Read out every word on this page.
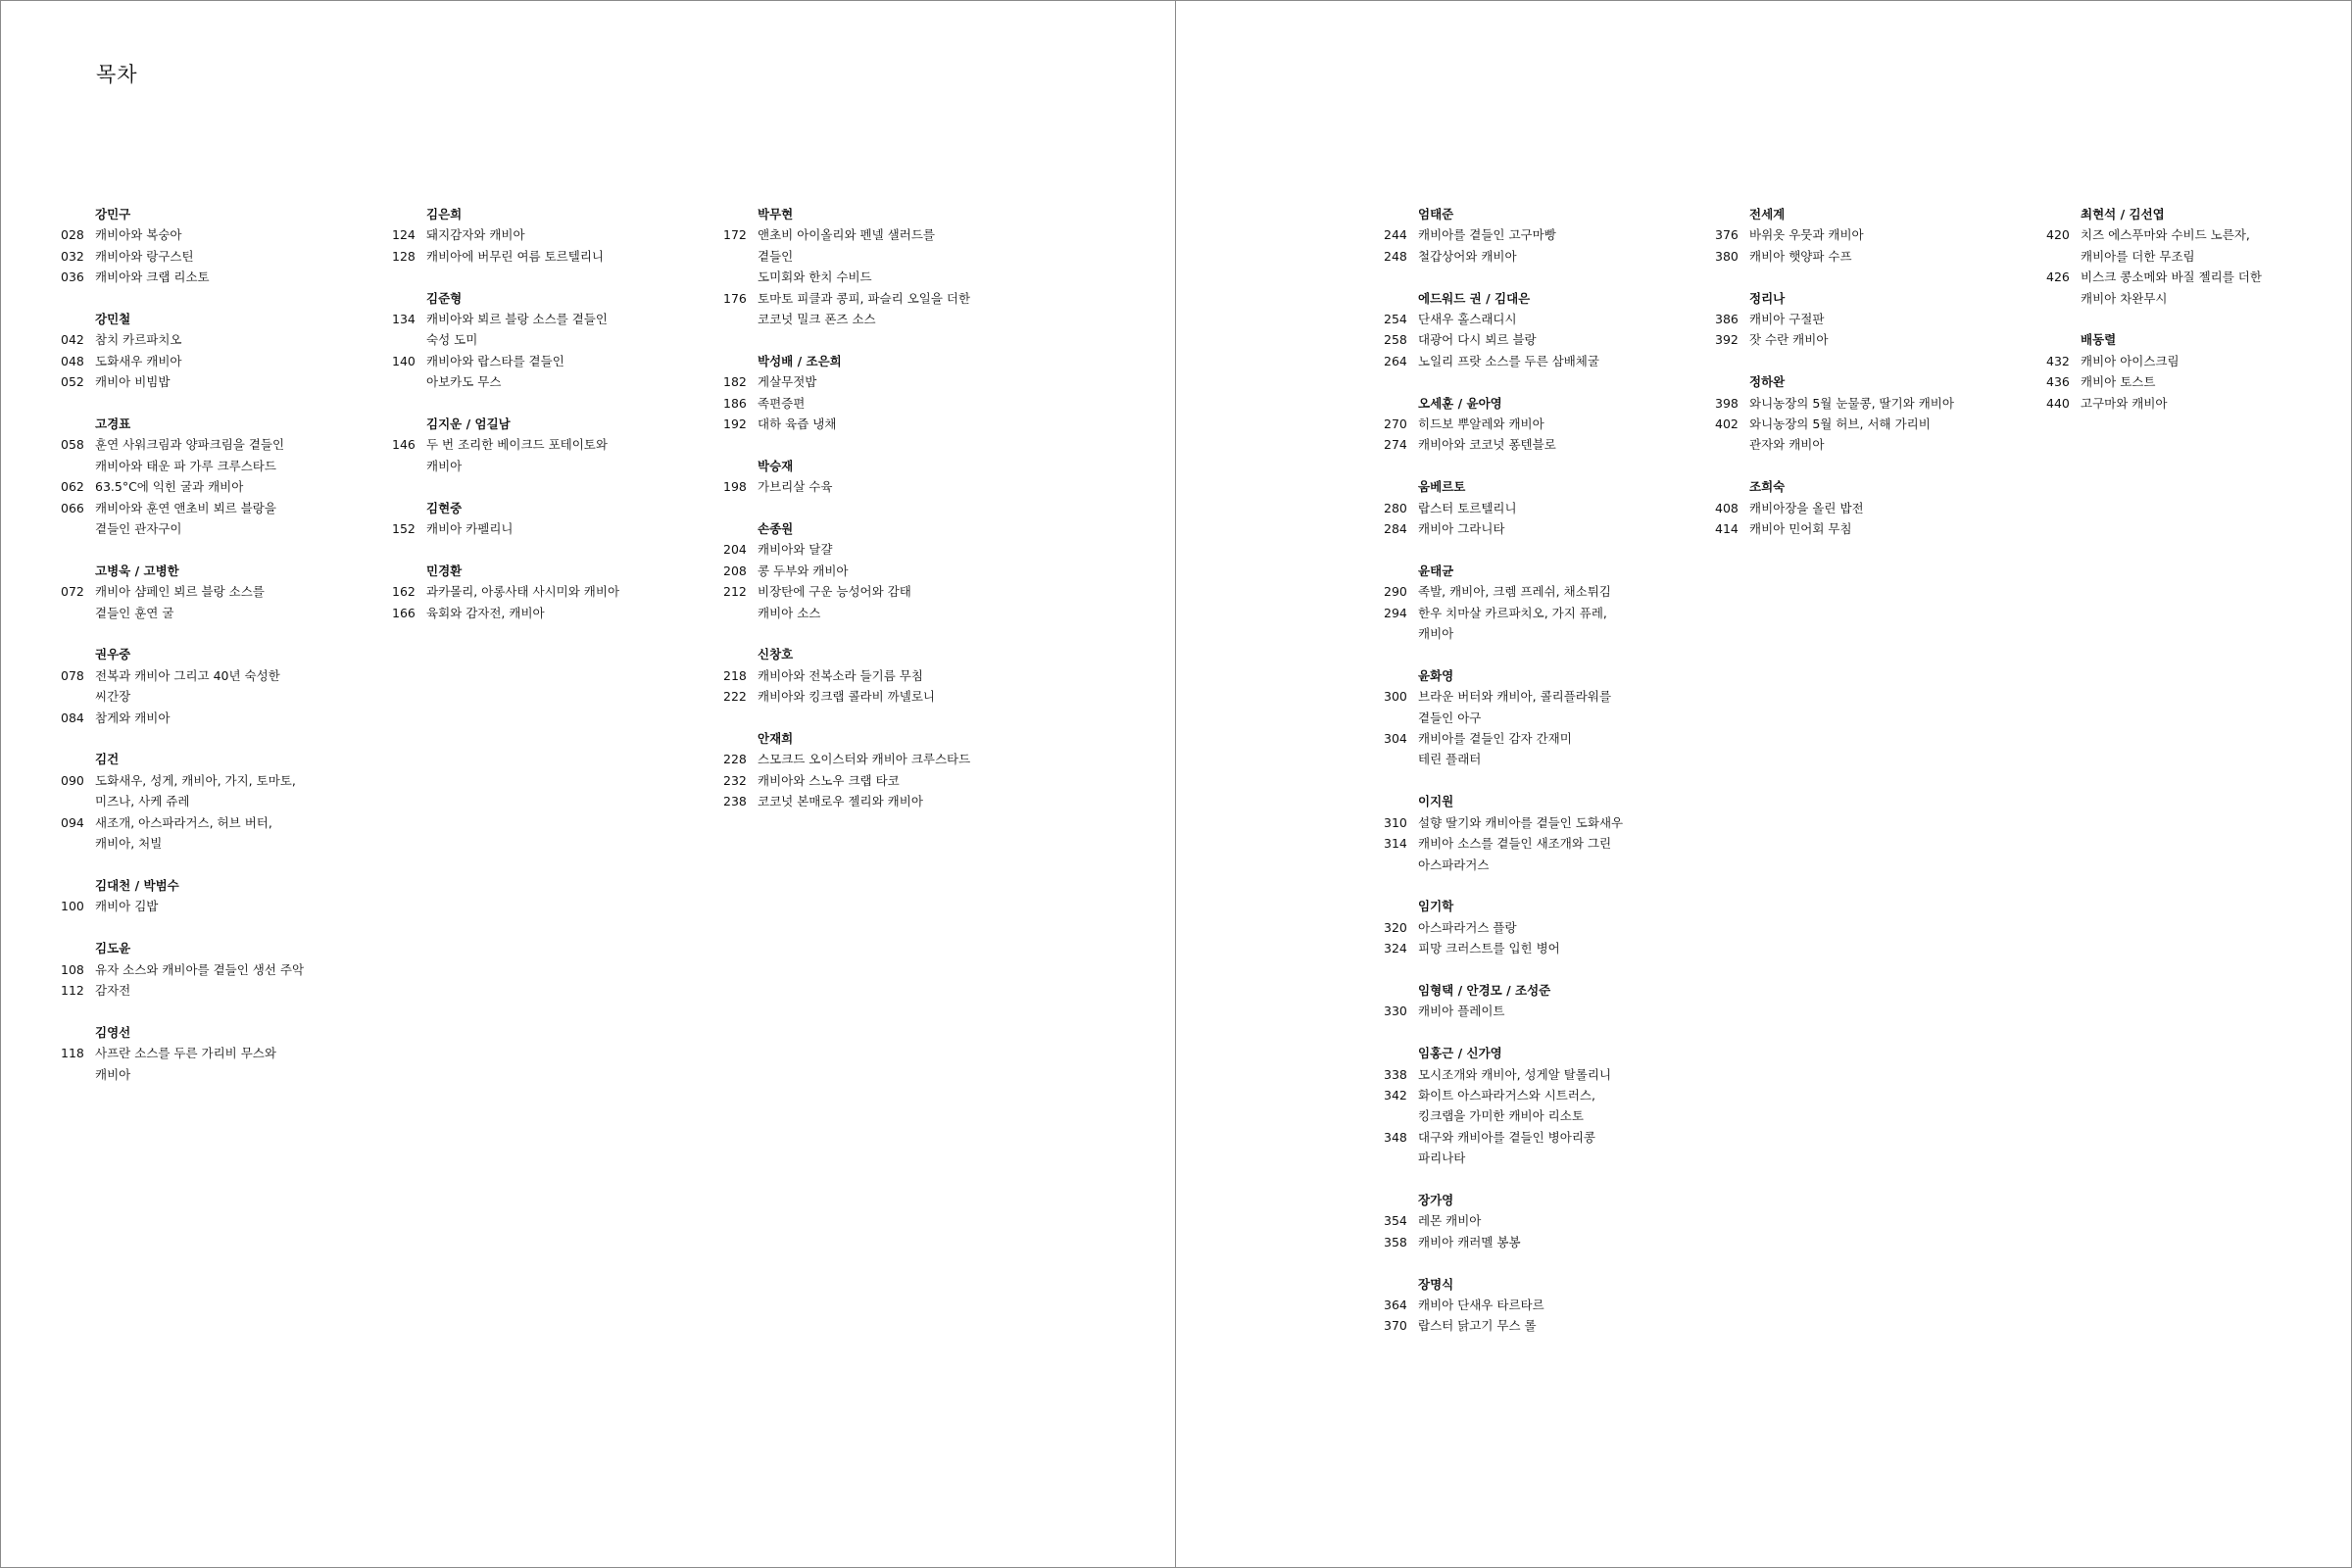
목차
강민구
028 캐비아와 복숭아
032 캐비아와 랑구스틴
036 캐비아와 크랩 리소토
강민철
042 참치 카르파치오
048 도화새우 캐비아
052 캐비아 비빔밥
고경표
058 훈연 사워크림과 양파크림을 곁들인
캐비아와 태운 파 가루 크루스타드
062 63.5°C에 익힌 굴과 캐비아
066 캐비아와 훈연 앤초비 뵈르 블랑을
곁들인 관자구이
고병욱 / 고병한
072 캐비아 샴페인 뵈르 블랑 소스를
곁들인 훈연 굴
권우중
078 전복과 캐비아 그리고 40년 숙성한
씨간장
084 참게와 캐비아
김건
090 도화새우, 성게, 캐비아, 가지, 토마토,
미즈나, 사케 쥬레
094 새조개, 아스파라거스, 허브 버터,
캐비아, 처빌
김대천 / 박범수
100 캐비아 김밥
김도윤
108 유자 소스와 캐비아를 곁들인 생선 주악
112 감자전
김영선
118 사프란 소스를 두른 가리비 무스와
캐비아
김은희
124 돼지감자와 캐비아
128 캐비아에 버무린 여름 토르텔리니
김준형
134 캐비아와 뵈르 블랑 소스를 곁들인
숙성 도미
140 캐비아와 랍스타를 곁들인
아보카도 무스
김지운 / 엄길남
146 두 번 조리한 베이크드 포테이토와
캐비아
김현중
152 캐비아 카펠리니
민경환
162 과카몰리, 아롱사태 사시미와 캐비아
166 육회와 감자전, 캐비아
박무현
172 앤초비 아이올리와 펜넬 샐러드를
곁들인
도미회와 한치 수비드
176 토마토 피클과 콩피, 파슬리 오일을 더한
코코넛 밀크 폰즈 소스
박성배 / 조은희
182 게살무젓밥
186 족편증편
192 대하 육즙 냉채
박승재
198 가브리살 수육
손종원
204 캐비아와 달걀
208 콩 두부와 캐비아
212 비장탄에 구운 능성어와 감태
캐비아 소스
신창호
218 캐비아와 전복소라 들기름 무침
222 캐비아와 킹크랩 콜라비 까넬로니
안재희
228 스모크드 오이스터와 캐비아 크루스타드
232 캐비아와 스노우 크랩 타코
238 코코넛 본매로우 젤리와 캐비아
엄태준
244 캐비아를 곁들인 고구마빵
248 철갑상어와 캐비아
에드워드 권 / 김대은
254 단새우 홀스래디시
258 대광어 다시 뵈르 블랑
264 노일리 프랏 소스를 두른 삼배체굴
오세훈 / 윤아영
270 히드보 뿌알레와 캐비아
274 캐비아와 코코넛 퐁텐블로
움베르토
280 랍스터 토르텔리니
284 캐비아 그라니타
윤태균
290 족발, 캐비아, 크렘 프레쉬, 채소튀김
294 한우 치마살 카르파치오, 가지 퓨레,
캐비아
윤화영
300 브라운 버터와 캐비아, 콜리플라워를
곁들인 아구
304 캐비아를 곁들인 감자 간재미
테린 플래터
이지원
310 설향 딸기와 캐비아를 곁들인 도화새우
314 캐비아 소스를 곁들인 새조개와 그린
아스파라거스
임기학
320 아스파라거스 플랑
324 피망 크러스트를 입힌 병어
임형택 / 안경모 / 조성준
330 캐비아 플레이트
임홍근 / 신가영
338 모시조개와 캐비아, 성게알 탈롤리니
342 화이트 아스파라거스와 시트러스,
킹크랩을 가미한 캐비아 리소토
348 대구와 캐비아를 곁들인 병아리콩
파리나타
장가영
354 레몬 캐비아
358 캐비아 캐러멜 봉봉
장명식
364 캐비아 단새우 타르타르
370 랍스터 닭고기 무스 롤
전세계
376 바위옷 우뭇과 캐비아
380 캐비아 햇양파 수프
정리나
386 캐비아 구절판
392 잣 수란 캐비아
정하완
398 와니농장의 5월 눈물콩, 딸기와 캐비아
402 와니농장의 5월 허브, 서해 가리비
관자와 캐비아
조희숙
408 캐비아장을 올린 밥전
414 캐비아 민어회 무침
최현석 / 김선엽
420 치즈 에스푸마와 수비드 노른자,
캐비아를 더한 무조림
426 비스크 콩소메와 바질 젤리를 더한
캐비아 차완무시
배동렬
432 캐비아 아이스크림
436 캐비아 토스트
440 고구마와 캐비아
